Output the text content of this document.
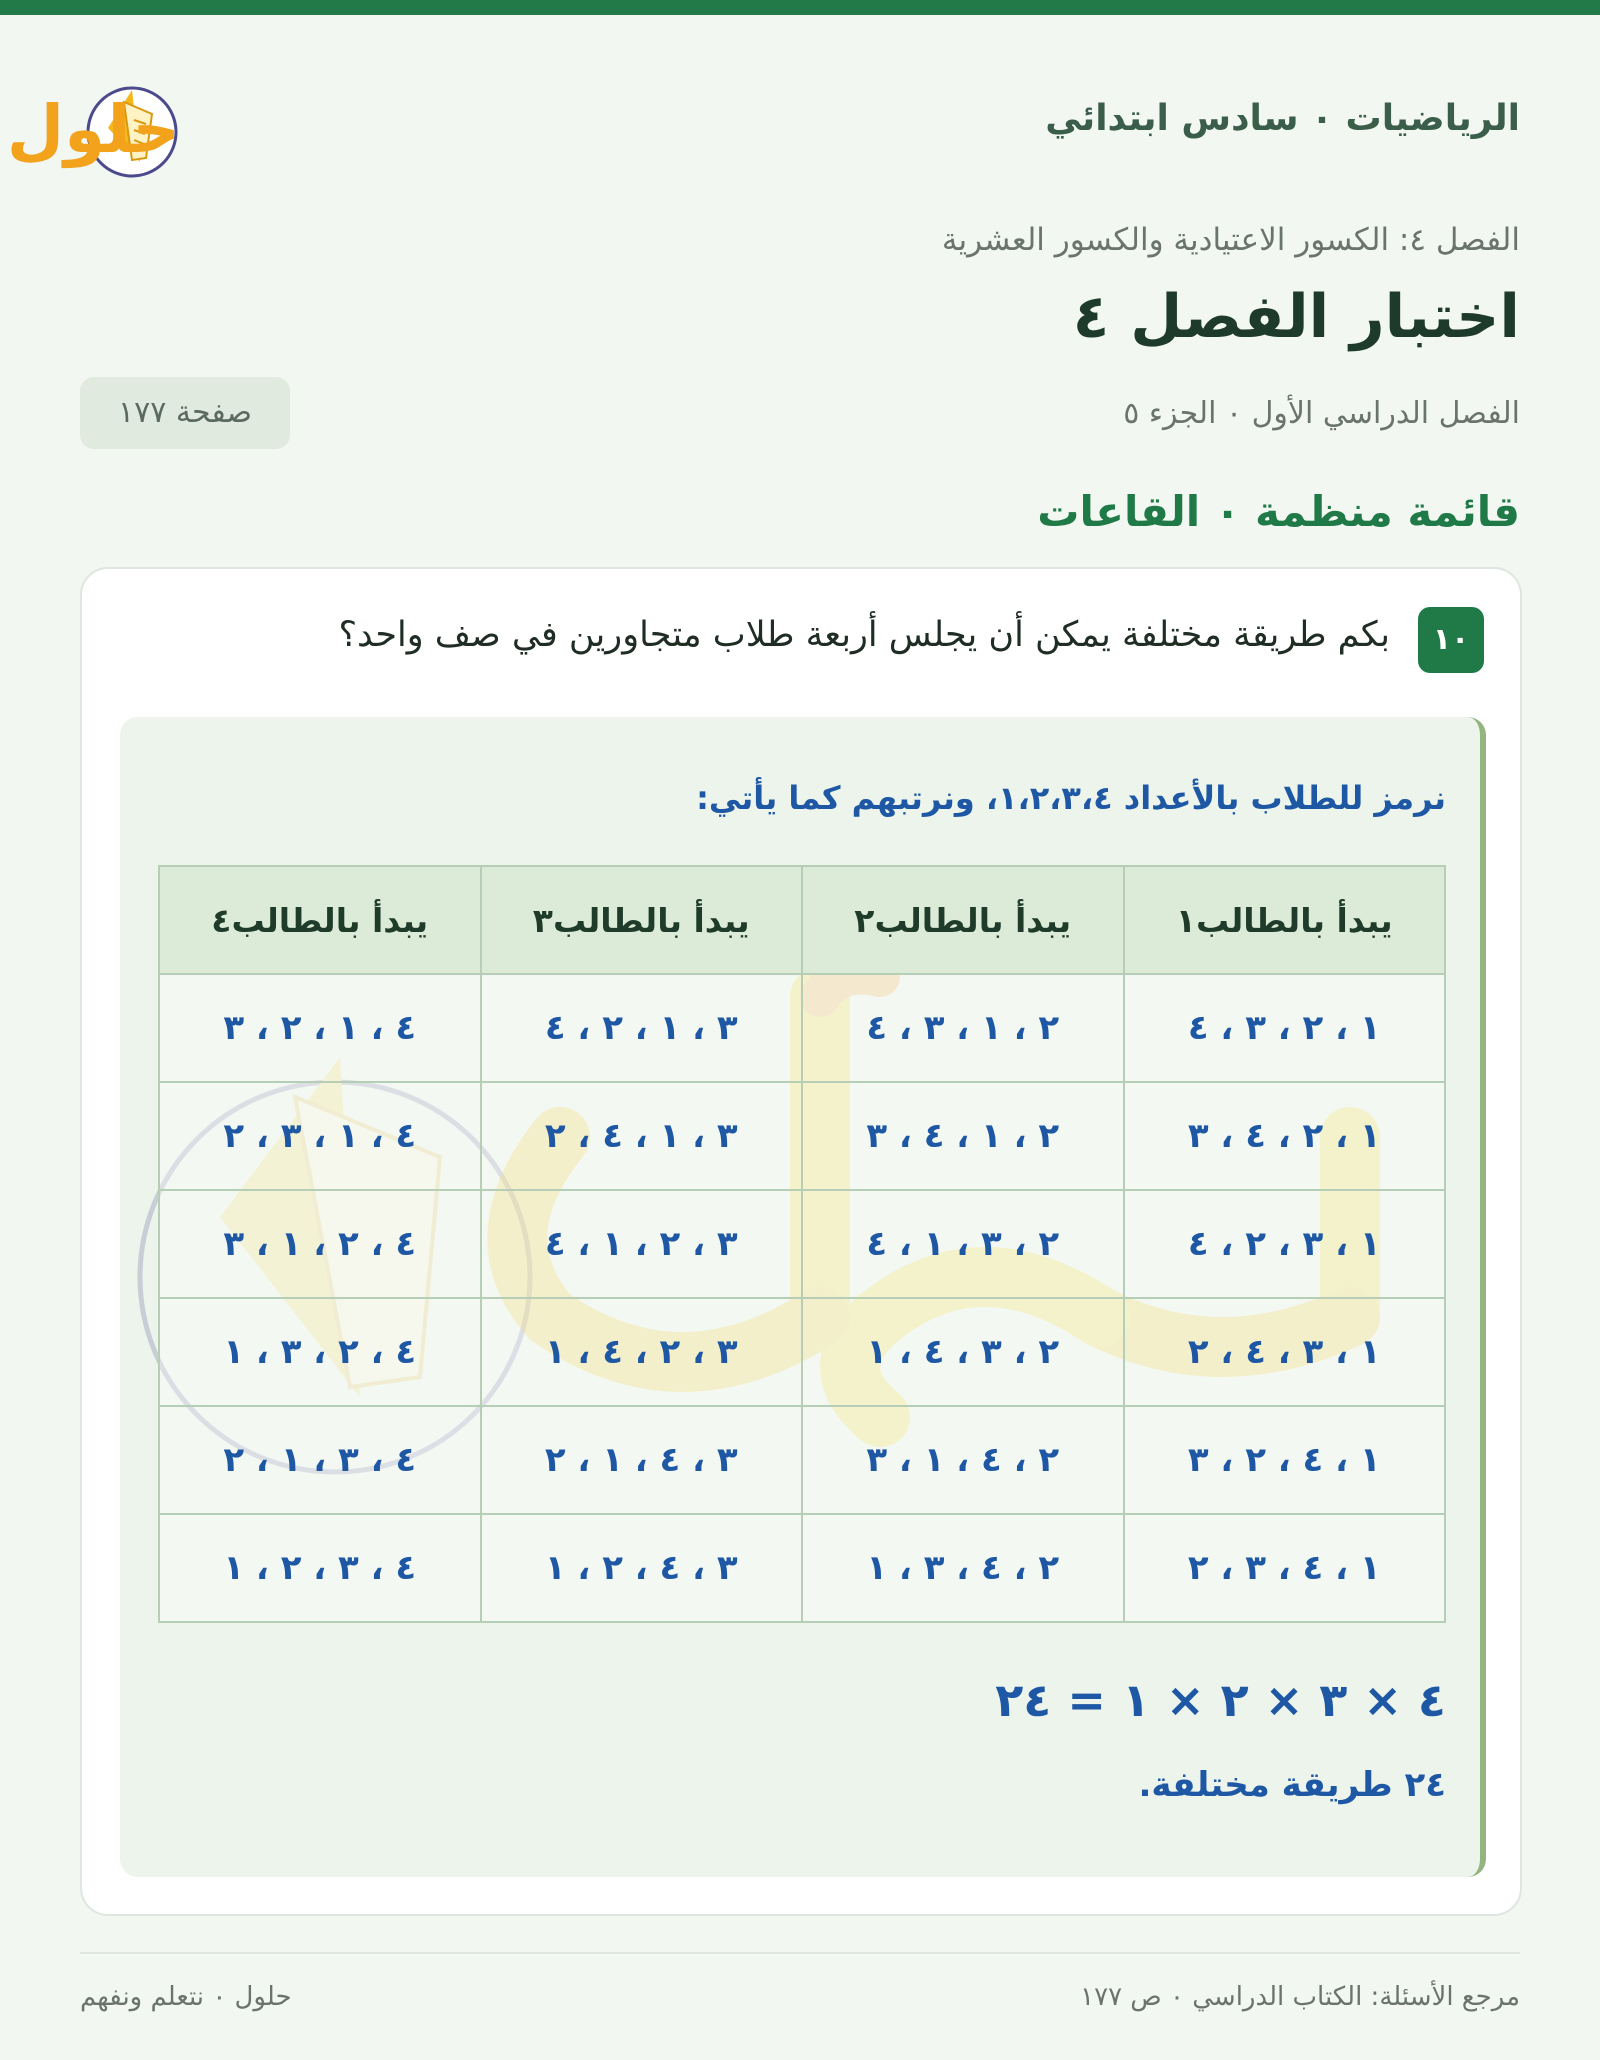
الرياضيات ٠ سادس ابتدائي
حلول
الفصل ٤: الكسور الاعتيادية والكسور العشرية
اختبار الفصل ٤
الفصل الدراسي الأول ٠ الجزء ٥
صفحة ١٧٧
قائمة منظمة ٠ القاعات
١٠
بكم طريقة مختلفة يمكن أن يجلس أربعة طلاب متجاورين في صف واحد؟
نرمز للطلاب بالأعداد ١،٢،٣،٤، ونرتبهم كما يأتي:
يبدأ بالطالب١	يبدأ بالطالب٢	يبدأ بالطالب٣	يبدأ بالطالب٤
١ ، ٢ ، ٣ ، ٤	٢ ، ١ ، ٣ ، ٤	٣ ، ١ ، ٢ ، ٤	٤ ، ١ ، ٢ ، ٣
١ ، ٢ ، ٤ ، ٣	٢ ، ١ ، ٤ ، ٣	٣ ، ١ ، ٤ ، ٢	٤ ، ١ ، ٣ ، ٢
١ ، ٣ ، ٢ ، ٤	٢ ، ٣ ، ١ ، ٤	٣ ، ٢ ، ١ ، ٤	٤ ، ٢ ، ١ ، ٣
١ ، ٣ ، ٤ ، ٢	٢ ، ٣ ، ٤ ، ١	٣ ، ٢ ، ٤ ، ١	٤ ، ٢ ، ٣ ، ١
١ ، ٤ ، ٢ ، ٣	٢ ، ٤ ، ١ ، ٣	٣ ، ٤ ، ١ ، ٢	٤ ، ٣ ، ١ ، ٢
١ ، ٤ ، ٣ ، ٢	٢ ، ٤ ، ٣ ، ١	٣ ، ٤ ، ٢ ، ١	٤ ، ٣ ، ٢ ، ١
٤ × ٣ × ٢ × ١ = ٢٤
٢٤ طريقة مختلفة.
مرجع الأسئلة: الكتاب الدراسي ٠ ص ١٧٧
حلول ٠ نتعلم ونفهم
